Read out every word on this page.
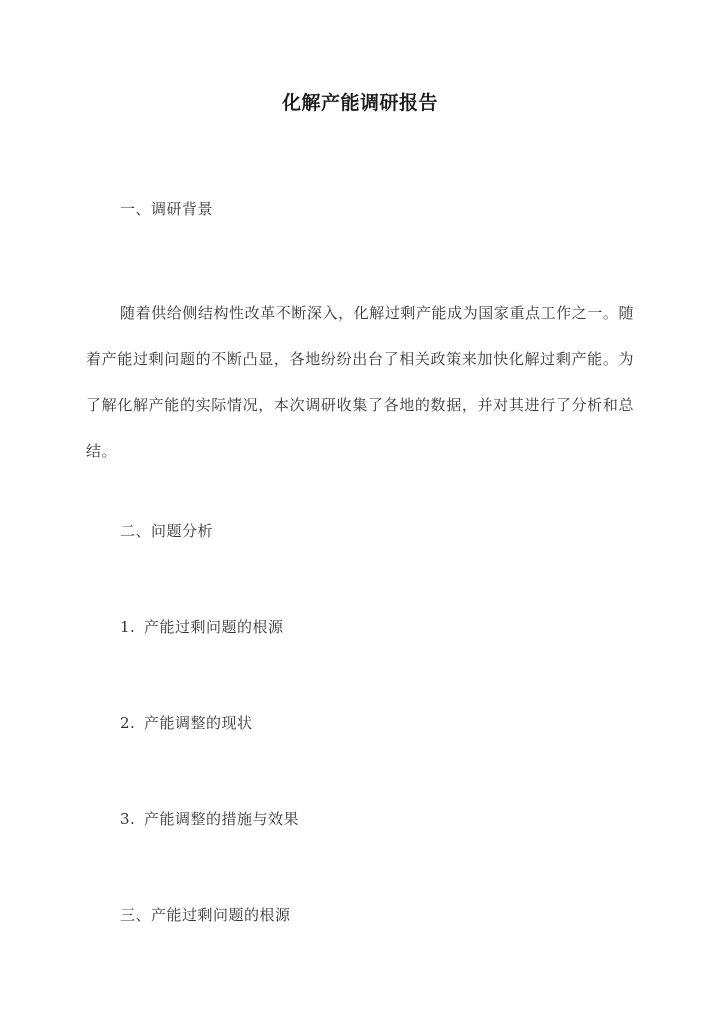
化解产能调研报告
一、调研背景

随着供给侧结构性改革不断深入，化解过剩产能成为国家重点工作之一。随着产能过剩问题的不断凸显，各地纷纷出台了相关政策来加快化解过剩产能。为了解化解产能的实际情况，本次调研收集了各地的数据，并对其进行了分析和总结。

二、问题分析
1. 产能过剩问题的根源
2. 产能调整的现状
3. 产能调整的措施与效果
三、产能过剩问题的根源
